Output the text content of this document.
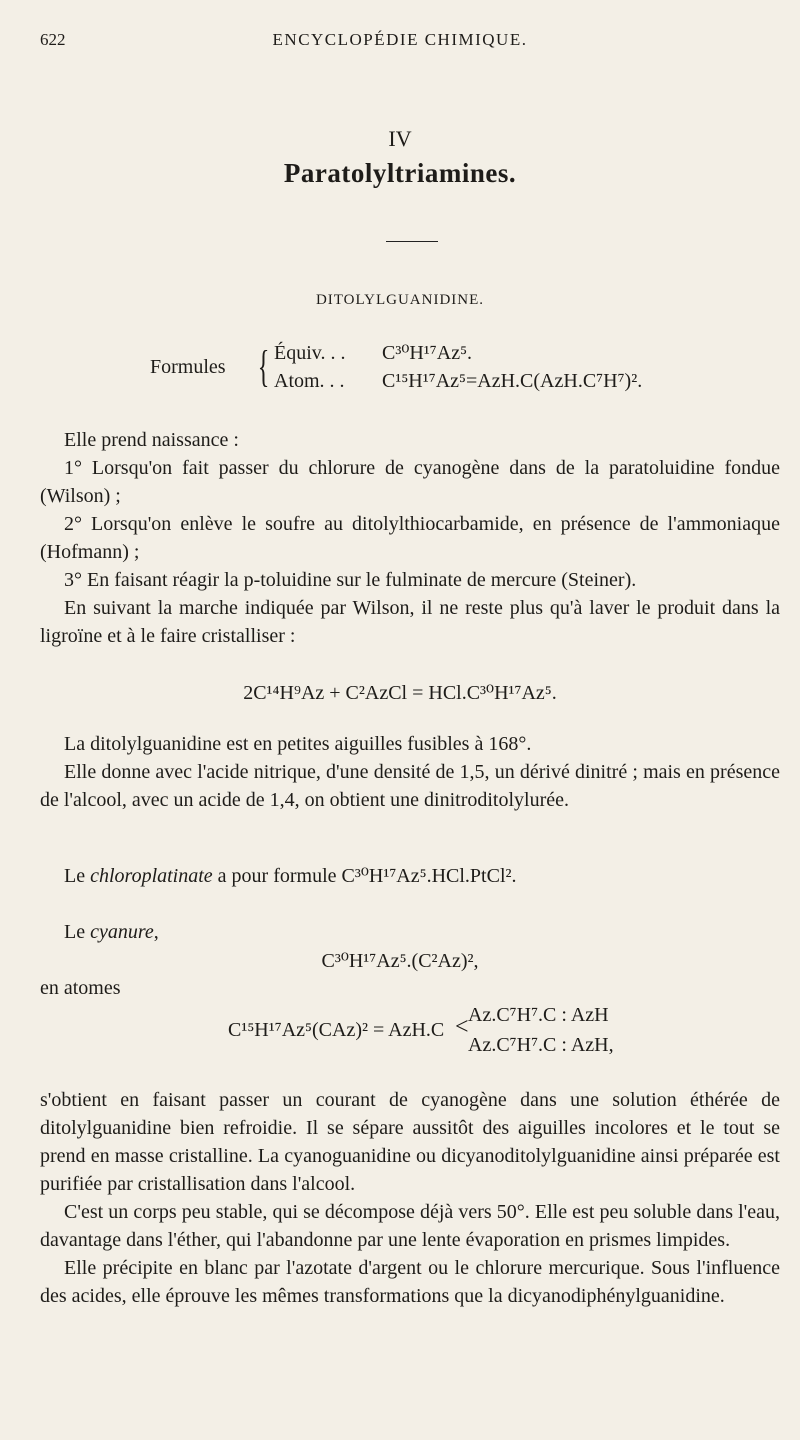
622	ENCYCLOPÉDIE CHIMIQUE.
IV
Paratolyltriamines.
DITOLYLGUANIDINE.
Formules { Équiv. . . C³⁰H¹⁷Az⁵.
Atom. . . C¹⁵H¹⁷Az⁵=AzH.C(AzH.C⁷H⁷)².

Elle prend naissance :

1° Lorsqu'on fait passer du chlorure de cyanogène dans de la paratoluidine fondue (Wilson) ;

2° Lorsqu'on enlève le soufre au ditolylthiocarbamide, en présence de l'ammoniaque (Hofmann) ;

3° En faisant réagir la p-toluidine sur le fulminate de mercure (Steiner).

En suivant la marche indiquée par Wilson, il ne reste plus qu'à laver le produit dans la ligroïne et à le faire cristalliser :

2C¹⁴H⁹Az + C²AzCl = HCl.C³⁰H¹⁷Az⁵.

La ditolylguanidine est en petites aiguilles fusibles à 168°.

Elle donne avec l'acide nitrique, d'une densité de 1,5, un dérivé dinitré ; mais en présence de l'alcool, avec un acide de 1,4, on obtient une dinitroditolylurée.

Le chloroplatinate a pour formule C³⁰H¹⁷Az⁵.HCl.PtCl².

Le cyanure,

C³⁰H¹⁷Az⁵.(C²Az)²,

en atomes

C¹⁵H¹⁷Az⁵(CAz)² = AzH.C < Az.C⁷H⁷.C : AzH
Az.C⁷H⁷.C : AzH,

s'obtient en faisant passer un courant de cyanogène dans une solution éthérée de ditolylguanidine bien refroidie. Il se sépare aussitôt des aiguilles incolores et le tout se prend en masse cristalline. La cyanoguanidine ou dicyanoditolylguanidine ainsi préparée est purifiée par cristallisation dans l'alcool.

C'est un corps peu stable, qui se décompose déjà vers 50°. Elle est peu soluble dans l'eau, davantage dans l'éther, qui l'abandonne par une lente évaporation en prismes limpides.

Elle précipite en blanc par l'azotate d'argent ou le chlorure mercurique. Sous l'influence des acides, elle éprouve les mêmes transformations que la dicyanodiphénylguanidine.
